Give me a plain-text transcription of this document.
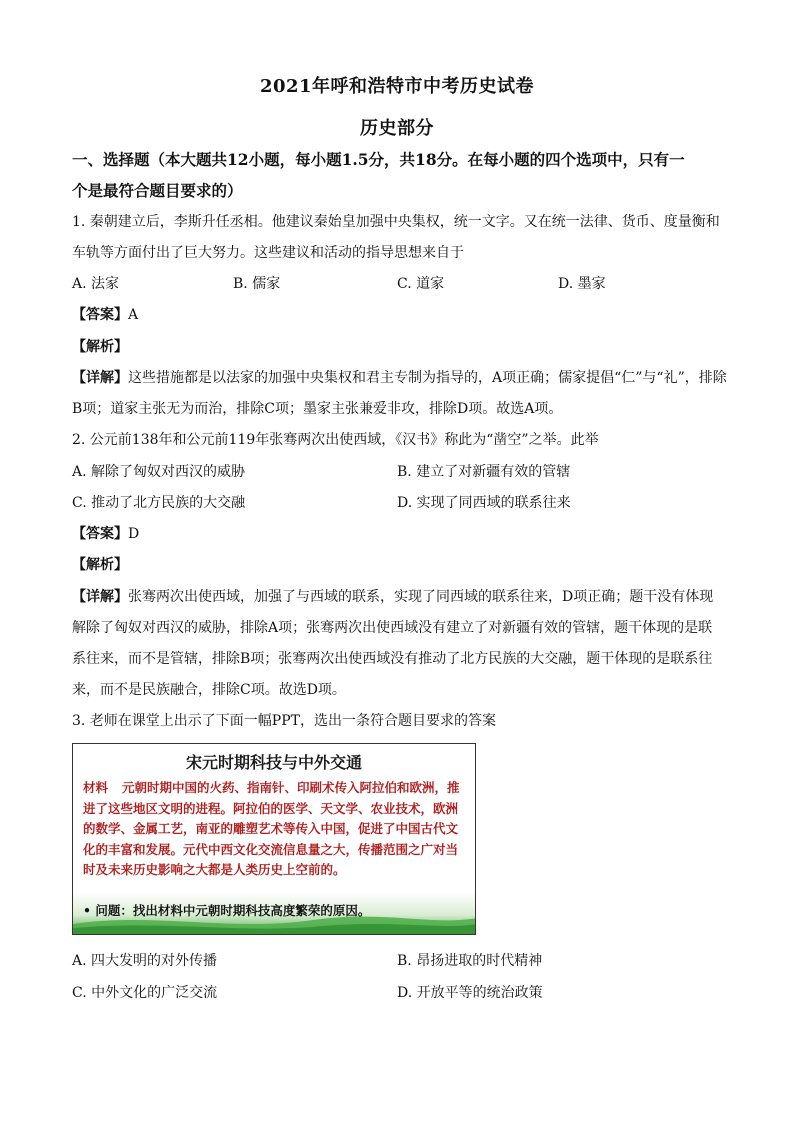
2021年呼和浩特市中考历史试卷
历史部分
一、选择题（本大题共12小题，每小题1.5分，共18分。在每小题的四个选项中，只有一
个是最符合题目要求的）
1. 秦朝建立后，李斯升任丞相。他建议秦始皇加强中央集权，统一文字。又在统一法律、货币、度量衡和
车轨等方面付出了巨大努力。这些建议和活动的指导思想来自于
A. 法家	B. 儒家	C. 道家	D. 墨家
【答案】A
【解析】
【详解】这些措施都是以法家的加强中央集权和君主专制为指导的，A项正确；儒家提倡“仁”与“礼”，排除
B项；道家主张无为而治，排除C项；墨家主张兼爱非攻，排除D项。故选A项。
2. 公元前138年和公元前119年张骞两次出使西域，《汉书》称此为“凿空”之举。此举
A. 解除了匈奴对西汉的威胁	B. 建立了对新疆有效的管辖
C. 推动了北方民族的大交融	D. 实现了同西域的联系往来
【答案】D
【解析】
【详解】张骞两次出使西域，加强了与西域的联系，实现了同西域的联系往来，D项正确；题干没有体现
解除了匈奴对西汉的威胁，排除A项；张骞两次出使西域没有建立了对新疆有效的管辖，题干体现的是联
系往来，而不是管辖，排除B项；张骞两次出使西域没有推动了北方民族的大交融，题干体现的是联系往
来，而不是民族融合，排除C项。故选D项。
3. 老师在课堂上出示了下面一幅PPT，选出一条符合题目要求的答案
宋元时期科技与中外交通
材料 元朝时期中国的火药、指南针、印刷术传入阿拉伯和欧洲，推进了这些地区文明的进程。阿拉伯的医学、天文学、农业技术，欧洲的数学、金属工艺，南亚的雕塑艺术等传入中国，促进了中国古代文化的丰富和发展。元代中西文化交流信息量之大，传播范围之广对当时及未来历史影响之大都是人类历史上空前的。
• 问题：找出材料中元朝时期科技高度繁荣的原因。
A. 四大发明的对外传播	B. 昂扬进取的时代精神
C. 中外文化的广泛交流	D. 开放平等的统治政策
